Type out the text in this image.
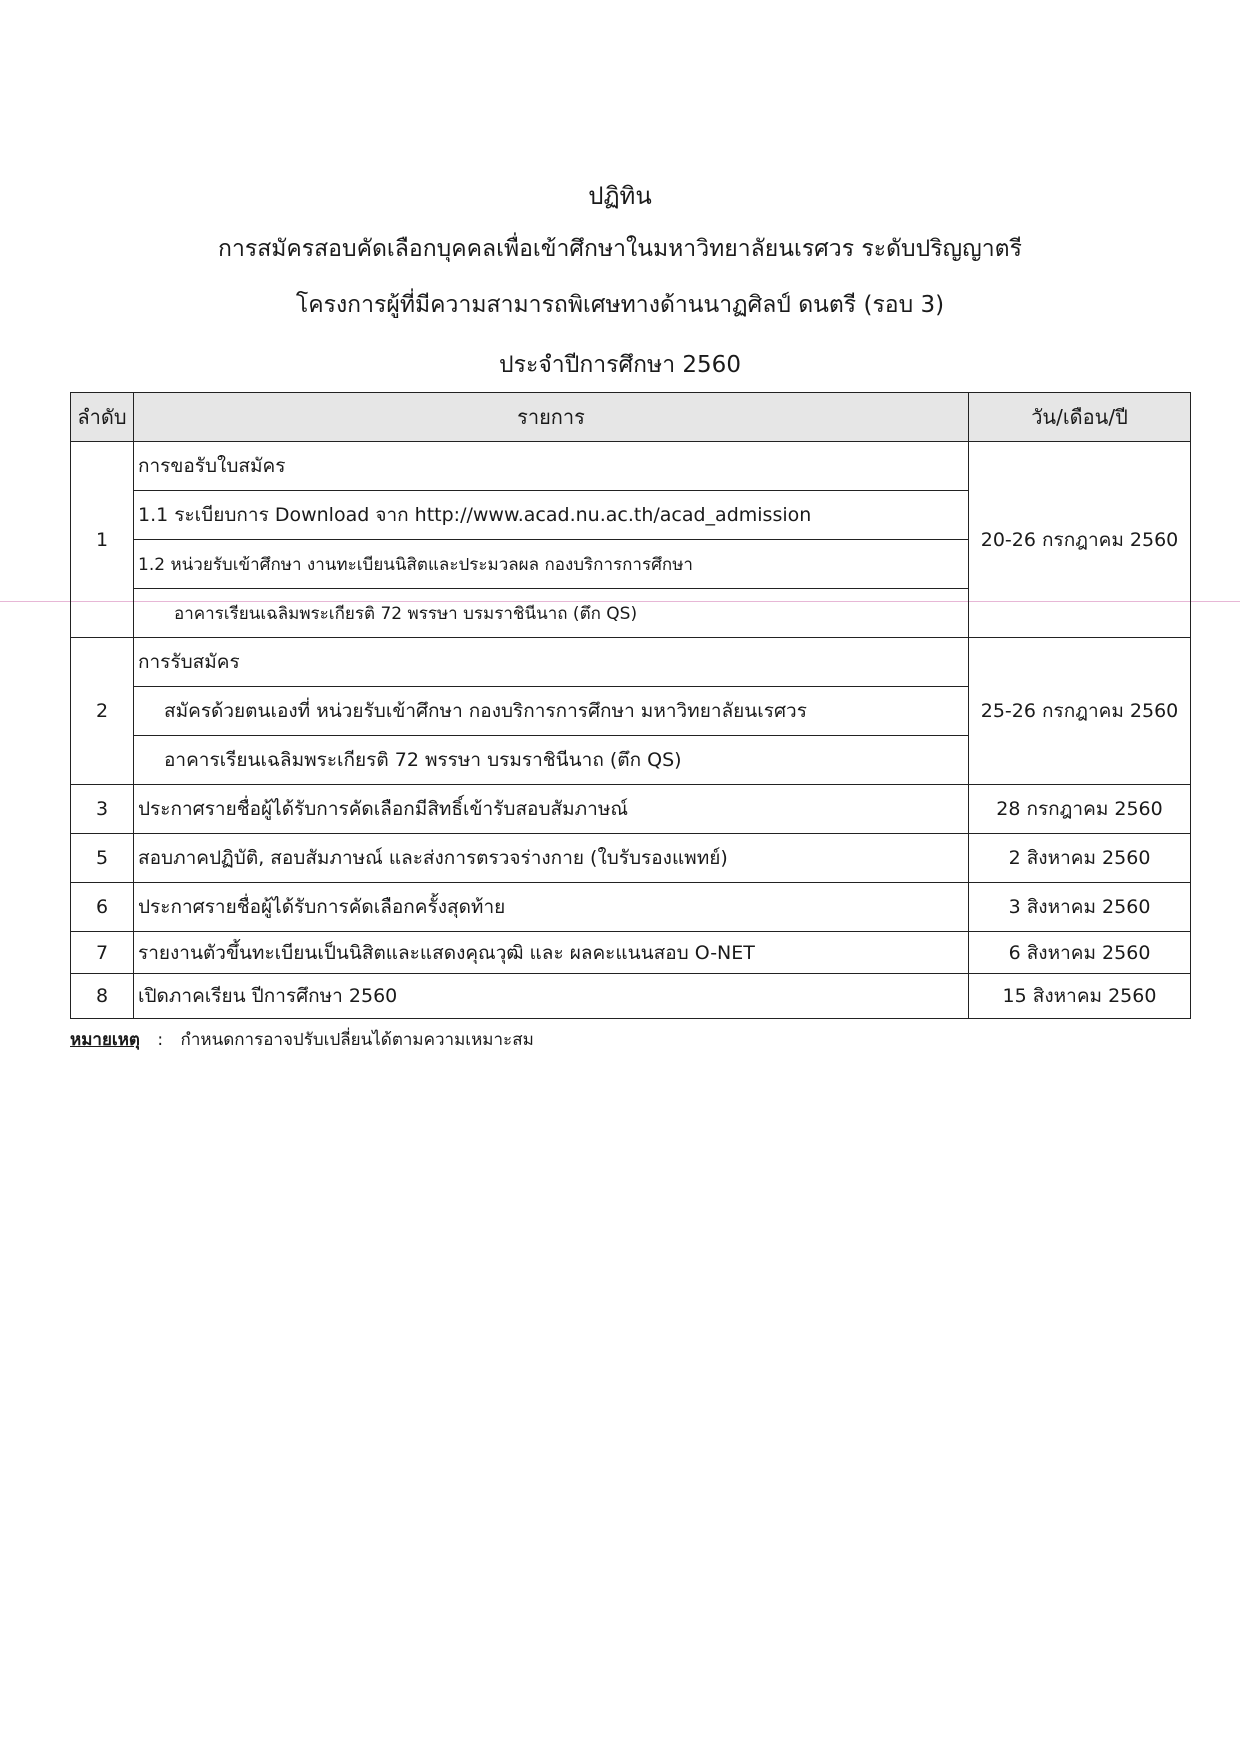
ปฏิทิน
การสมัครสอบคัดเลือกบุคคลเพื่อเข้าศึกษาในมหาวิทยาลัยนเรศวร ระดับปริญญาตรี
โครงการผู้ที่มีความสามารถพิเศษทางด้านนาฏศิลป์ ดนตรี (รอบ 3)
ประจำปีการศึกษา 2560
ลำดับ	รายการ	วัน/เดือน/ปี
1	การขอรับใบสมัคร	20-26 กรกฎาคม 2560
	1.1 ระเบียบการ Download จาก http://www.acad.nu.ac.th/acad_admission	
	1.2 หน่วยรับเข้าศึกษา งานทะเบียนนิสิตและประมวลผล กองบริการการศึกษา	
	อาคารเรียนเฉลิมพระเกียรติ 72 พรรษา บรมราชินีนาถ (ตึก QS)	
2	การรับสมัคร	25-26 กรกฎาคม 2560
	สมัครด้วยตนเองที่ หน่วยรับเข้าศึกษา กองบริการการศึกษา มหาวิทยาลัยนเรศวร	
	อาคารเรียนเฉลิมพระเกียรติ 72 พรรษา บรมราชินีนาถ (ตึก QS)	
3	ประกาศรายชื่อผู้ได้รับการคัดเลือกมีสิทธิ์เข้ารับสอบสัมภาษณ์	28 กรกฎาคม 2560
5	สอบภาคปฏิบัติ, สอบสัมภาษณ์ และส่งการตรวจร่างกาย (ใบรับรองแพทย์)	2 สิงหาคม 2560
6	ประกาศรายชื่อผู้ได้รับการคัดเลือกครั้งสุดท้าย	3 สิงหาคม 2560
7	รายงานตัวขึ้นทะเบียนเป็นนิสิตและแสดงคุณวุฒิ และ ผลคะแนนสอบ O-NET	6 สิงหาคม 2560
8	เปิดภาคเรียน ปีการศึกษา 2560	15 สิงหาคม 2560
หมายเหตุ : กำหนดการอาจปรับเปลี่ยนได้ตามความเหมาะสม
